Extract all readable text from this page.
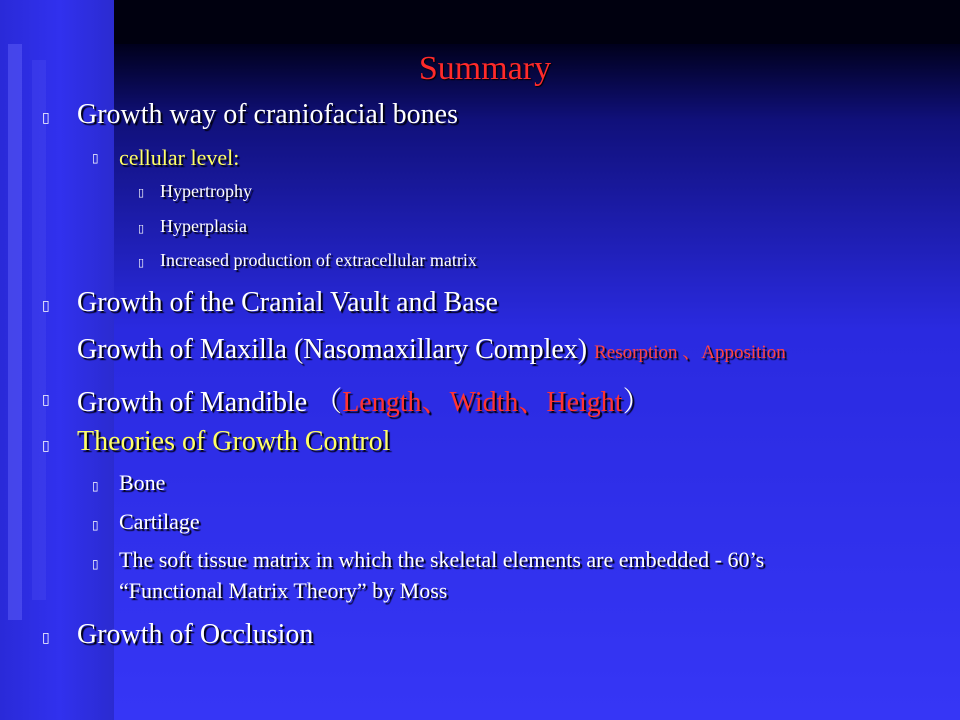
Summary
▯ Growth way of craniofacial bones
▯ cellular level:
▯ Hypertrophy
▯ Hyperplasia
▯ Increased production of extracellular matrix
▯ Growth of the Cranial Vault and Base
Growth of Maxilla (Nasomaxillary Complex) Resorption 、Apposition
▯ Growth of Mandible （Length、Width、Height）
▯ Theories of Growth Control
▯ Bone
▯ Cartilage
▯ The soft tissue matrix in which the skeletal elements are embedded - 60’s
“Functional Matrix Theory” by Moss
▯ Growth of Occlusion
